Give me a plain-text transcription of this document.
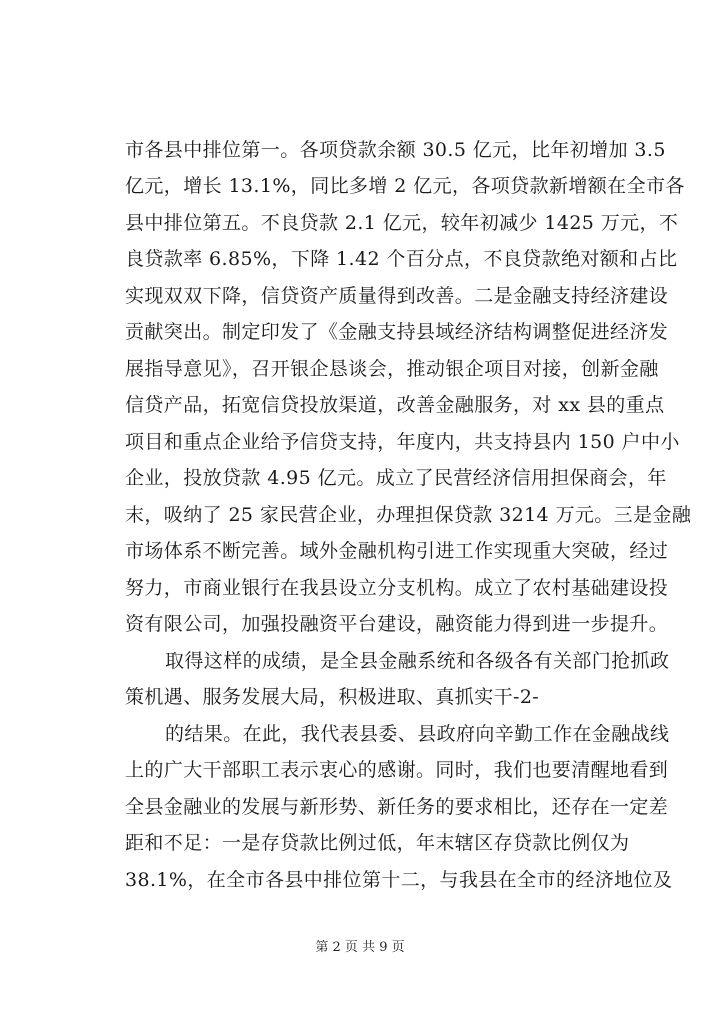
市各县中排位第一。各项贷款余额 30.5 亿元，比年初增加 3.5
亿元，增长 13.1%，同比多增 2 亿元，各项贷款新增额在全市各
县中排位第五。不良贷款 2.1 亿元，较年初减少 1425 万元，不
良贷款率 6.85%，下降 1.42 个百分点，不良贷款绝对额和占比
实现双双下降，信贷资产质量得到改善。二是金融支持经济建设
贡献突出。制定印发了《金融支持县域经济结构调整促进经济发
展指导意见》，召开银企恳谈会，推动银企项目对接，创新金融
信贷产品，拓宽信贷投放渠道，改善金融服务，对 xx 县的重点
项目和重点企业给予信贷支持，年度内，共支持县内 150 户中小
企业，投放贷款 4.95 亿元。成立了民营经济信用担保商会，年
末，吸纳了 25 家民营企业，办理担保贷款 3214 万元。三是金融
市场体系不断完善。域外金融机构引进工作实现重大突破，经过
努力，市商业银行在我县设立分支机构。成立了农村基础建设投
资有限公司，加强投融资平台建设，融资能力得到进一步提升。
取得这样的成绩，是全县金融系统和各级各有关部门抢抓政
策机遇、服务发展大局，积极进取、真抓实干-2-
的结果。在此，我代表县委、县政府向辛勤工作在金融战线
上的广大干部职工表示衷心的感谢。同时，我们也要清醒地看到
全县金融业的发展与新形势、新任务的要求相比，还存在一定差
距和不足：一是存贷款比例过低，年末辖区存贷款比例仅为
38.1%，在全市各县中排位第十二，与我县在全市的经济地位及
第 2 页 共 9 页
